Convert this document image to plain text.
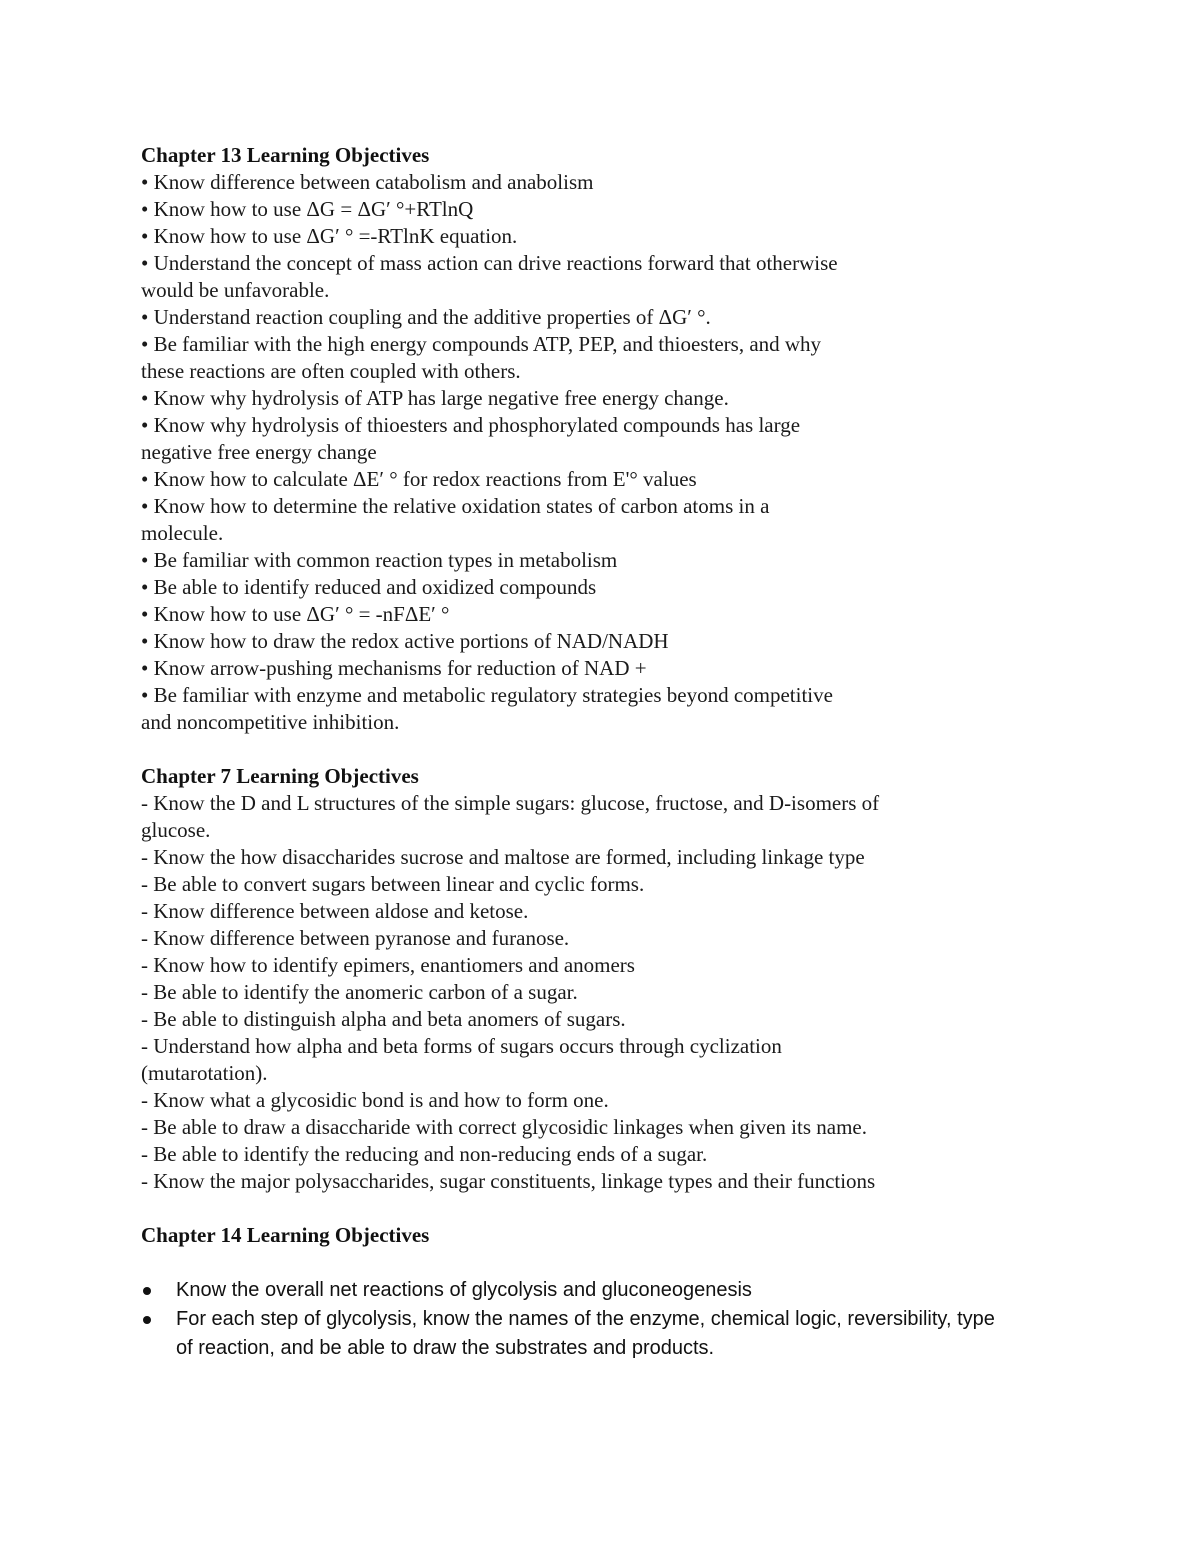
Chapter 13 Learning Objectives
• Know difference between catabolism and anabolism
• Know how to use ΔG = ΔG′ °+RTlnQ
• Know how to use ΔG′ ° =-RTlnK equation.
• Understand the concept of mass action can drive reactions forward that otherwise
would be unfavorable.
• Understand reaction coupling and the additive properties of ΔG′ °.
• Be familiar with the high energy compounds ATP, PEP, and thioesters, and why
these reactions are often coupled with others.
• Know why hydrolysis of ATP has large negative free energy change.
• Know why hydrolysis of thioesters and phosphorylated compounds has large
negative free energy change
• Know how to calculate ΔE′ ° for redox reactions from E'° values
• Know how to determine the relative oxidation states of carbon atoms in a
molecule.
• Be familiar with common reaction types in metabolism
• Be able to identify reduced and oxidized compounds
• Know how to use ΔG′ ° = -nFΔE′ °
• Know how to draw the redox active portions of NAD/NADH
• Know arrow-pushing mechanisms for reduction of NAD +
• Be familiar with enzyme and metabolic regulatory strategies beyond competitive
and noncompetitive inhibition.
Chapter 7 Learning Objectives
- Know the D and L structures of the simple sugars: glucose, fructose, and D-isomers of
glucose.
- Know the how disaccharides sucrose and maltose are formed, including linkage type
- Be able to convert sugars between linear and cyclic forms.
- Know difference between aldose and ketose.
- Know difference between pyranose and furanose.
- Know how to identify epimers, enantiomers and anomers
- Be able to identify the anomeric carbon of a sugar.
- Be able to distinguish alpha and beta anomers of sugars.
- Understand how alpha and beta forms of sugars occurs through cyclization
(mutarotation).
- Know what a glycosidic bond is and how to form one.
- Be able to draw a disaccharide with correct glycosidic linkages when given its name.
- Be able to identify the reducing and non-reducing ends of a sugar.
- Know the major polysaccharides, sugar constituents, linkage types and their functions
Chapter 14 Learning Objectives
Know the overall net reactions of glycolysis and gluconeogenesis
For each step of glycolysis, know the names of the enzyme, chemical logic, reversibility, type
of reaction, and be able to draw the substrates and products.
